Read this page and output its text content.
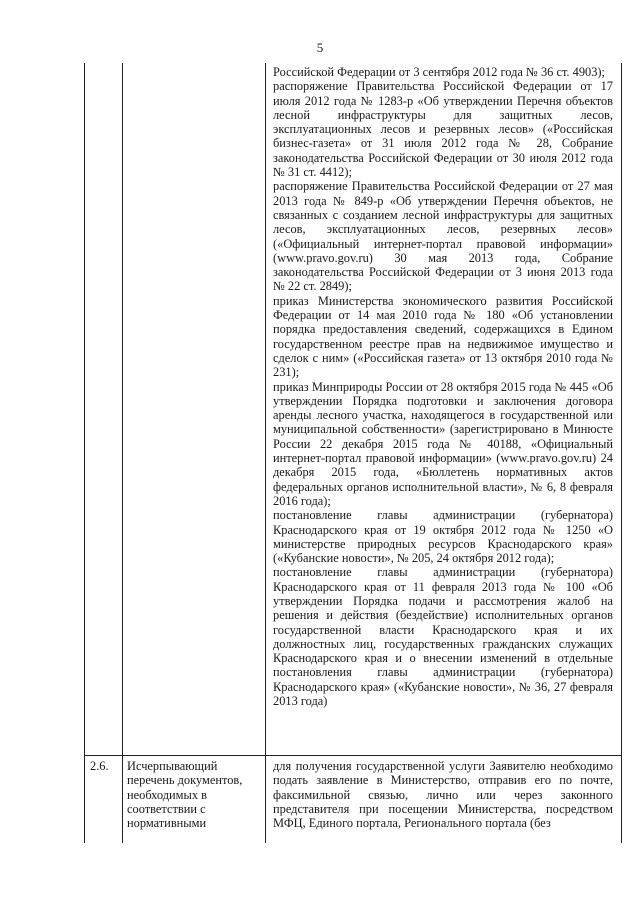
5

Российской Федерации от 3 сентября 2012 года № 36 ст. 4903);

распоряжение Правительства Российской Федерации от 17 июля 2012 года № 1283-р «Об утверждении Перечня объектов лесной инфраструктуры для защитных лесов, эксплуатационных лесов и резервных лесов» («Российская бизнес-газета» от 31 июля 2012 года № 28, Собрание законодательства Российской Федерации от 30 июля 2012 года № 31 ст. 4412);

распоряжение Правительства Российской Федерации от 27 мая 2013 года № 849-р «Об утверждении Перечня объектов, не связанных с созданием лесной инфраструктуры для защитных лесов, эксплуатационных лесов, резервных лесов» («Официальный интернет-портал правовой информации» (www.pravo.gov.ru) 30 мая 2013 года, Собрание законодательства Российской Федерации от 3 июня 2013 года № 22 ст. 2849);

приказ Министерства экономического развития Российской Федерации от 14 мая 2010 года № 180 «Об установлении порядка предоставления сведений, содержащихся в Едином государственном реестре прав на недвижимое имущество и сделок с ним» («Российская газета» от 13 октября 2010 года № 231);

приказ Минприроды России от 28 октября 2015 года № 445 «Об утверждении Порядка подготовки и заключения договора аренды лесного участка, находящегося в государственной или муниципальной собственности» (зарегистрировано в Минюсте России 22 декабря 2015 года № 40188, «Официальный интернет-портал правовой информации» (www.pravo.gov.ru) 24 декабря 2015 года, «Бюллетень нормативных актов федеральных органов исполнительной власти», № 6, 8 февраля 2016 года);

постановление главы администрации (губернатора) Краснодарского края от 19 октября 2012 года № 1250 «О министерстве природных ресурсов Краснодарского края» («Кубанские новости», № 205, 24 октября 2012 года);

постановление главы администрации (губернатора) Краснодарского края от 11 февраля 2013 года № 100 «Об утверждении Порядка подачи и рассмотрения жалоб на решения и действия (бездействие) исполнительных органов государственной власти Краснодарского края и их должностных лиц, государственных гражданских служащих Краснодарского края и о внесении изменений в отдельные постановления главы администрации (губернатора) Краснодарского края» («Кубанские новости», № 36, 27 февраля 2013 года)

2.6. Исчерпывающий перечень документов, необходимых в соответствии с нормативными
для получения государственной услуги Заявителю необходимо подать заявление в Министерство, отправив его по почте, факсимильной связью, лично или через законного представителя при посещении Министерства, посредством МФЦ, Единого портала, Регионального портала (без
